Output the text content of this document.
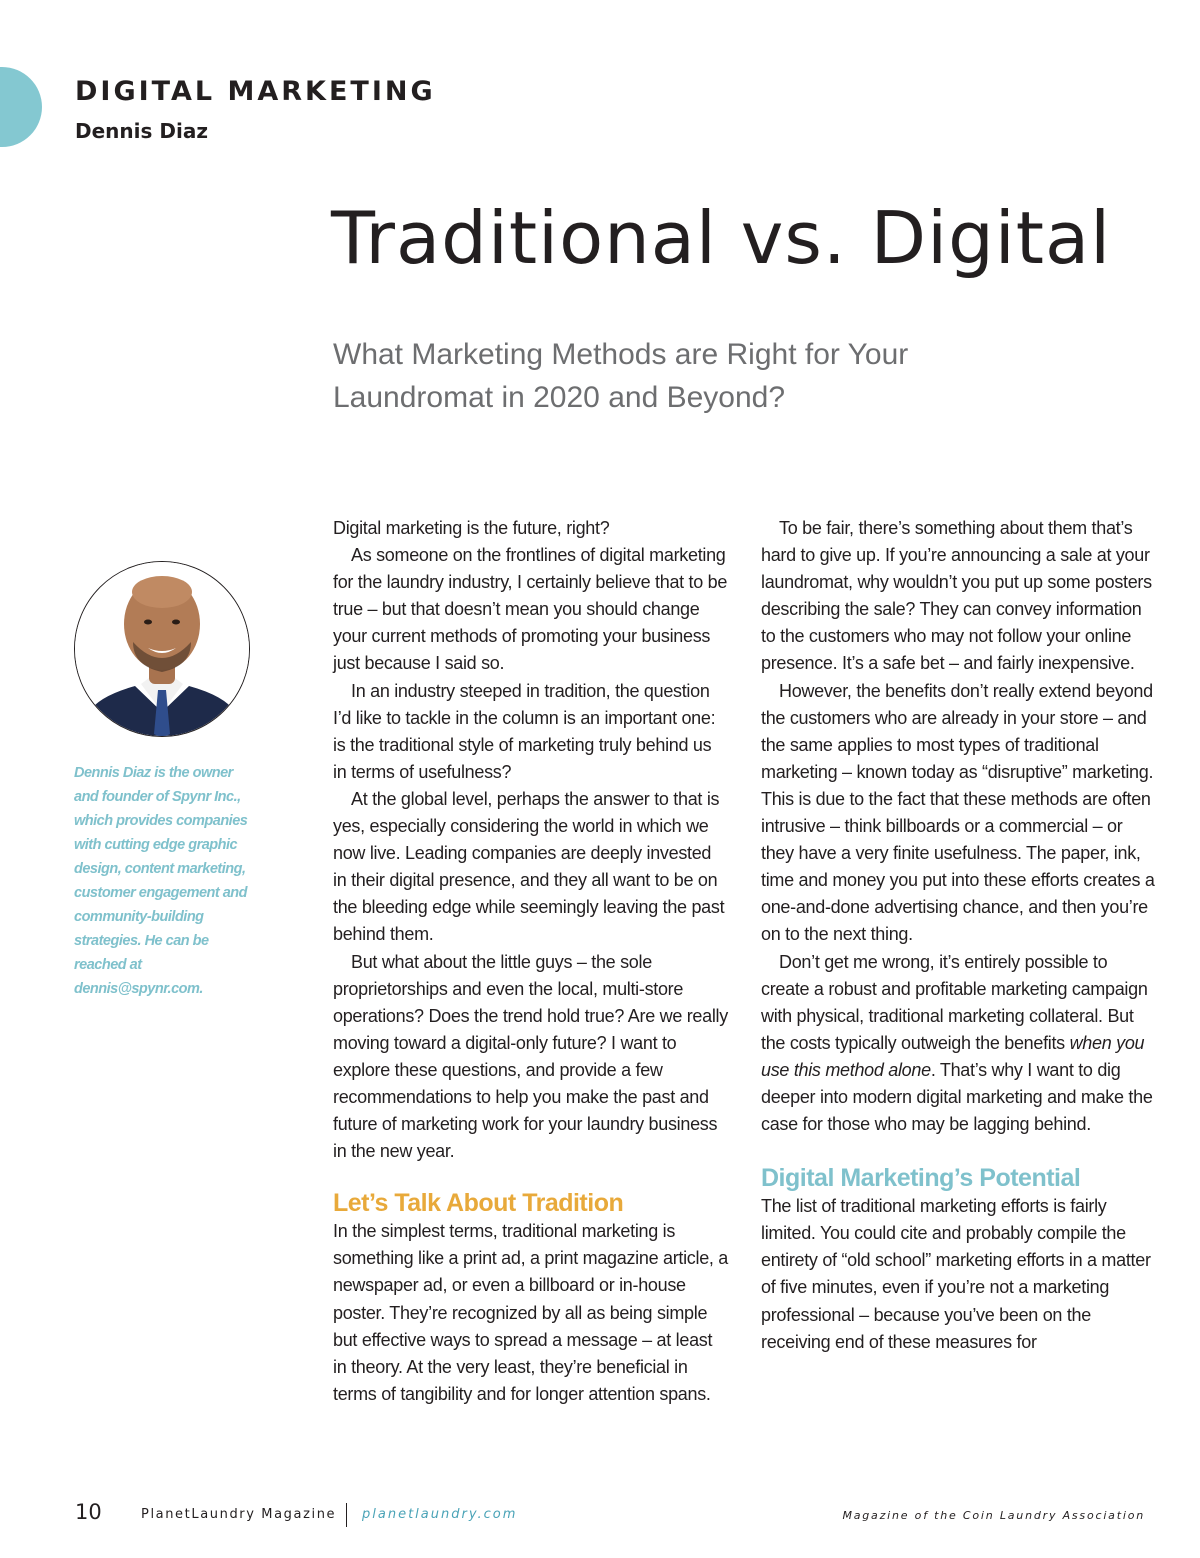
DIGITAL MARKETING

Dennis Diaz

Traditional vs. Digital
What Marketing Methods are Right for Your Laundromat in 2020 and Beyond?

Dennis Diaz is the owner and founder of Spynr Inc., which provides companies with cutting edge graphic design, content marketing, customer engagement and community-building strategies. He can be reached at dennis@spynr.com.

Digital marketing is the future, right?

As someone on the frontlines of digital marketing for the laundry industry, I certainly believe that to be true – but that doesn’t mean you should change your current methods of promoting your business just because I said so.

In an industry steeped in tradition, the question I’d like to tackle in the column is an important one: is the traditional style of marketing truly behind us in terms of usefulness?

At the global level, perhaps the answer to that is yes, especially considering the world in which we now live. Leading companies are deeply invested in their digital presence, and they all want to be on the bleeding edge while seemingly leaving the past behind them.

But what about the little guys – the sole proprietorships and even the local, multi-store operations? Does the trend hold true? Are we really moving toward a digital-only future? I want to explore these questions, and provide a few recommendations to help you make the past and future of marketing work for your laundry business in the new year.

Let’s Talk About Tradition

In the simplest terms, traditional marketing is something like a print ad, a print magazine article, a newspaper ad, or even a billboard or in-house poster. They’re recognized by all as being simple but effective ways to spread a message – at least in theory. At the very least, they’re beneficial in terms of tangibility and for longer attention spans.

To be fair, there’s something about them that’s hard to give up. If you’re announcing a sale at your laundromat, why wouldn’t you put up some posters describing the sale? They can convey information to the customers who may not follow your online presence. It’s a safe bet – and fairly inexpensive.

However, the benefits don’t really extend beyond the customers who are already in your store – and the same applies to most types of traditional marketing – known today as “disruptive” marketing. This is due to the fact that these methods are often intrusive – think billboards or a commercial – or they have a very finite usefulness. The paper, ink, time and money you put into these efforts creates a one-and-done advertising chance, and then you’re on to the next thing.

Don’t get me wrong, it’s entirely possible to create a robust and profitable marketing campaign with physical, traditional marketing collateral. But the costs typically outweigh the benefits when you use this method alone. That’s why I want to dig deeper into modern digital marketing and make the case for those who may be lagging behind.

Digital Marketing’s Potential

The list of traditional marketing efforts is fairly limited. You could cite and probably compile the entirety of “old school” marketing efforts in a matter of five minutes, even if you’re not a marketing professional – because you’ve been on the receiving end of these measures for

10	PlanetLaundry Magazine planetlaundry.com	Magazine of the Coin Laundry Association
